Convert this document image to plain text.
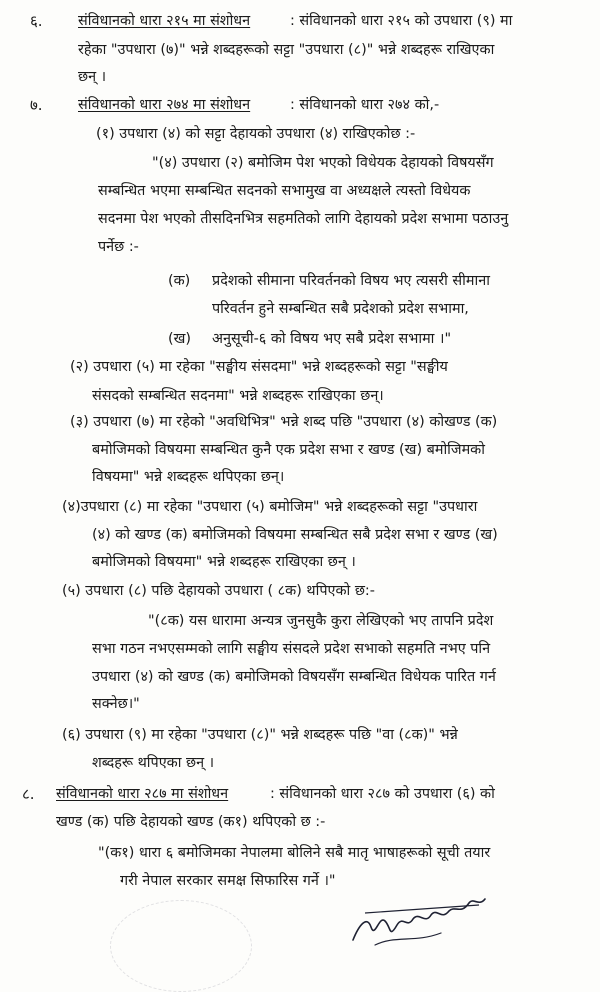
६. संविधानको धारा २१५ मा संशोधन	: संविधानको धारा २१५ को उपधारा (९) मा
रहेका "उपधारा (७)" भन्ने शब्दहरूको सट्टा "उपधारा (८)" भन्ने शब्दहरू राखिएका
छन् ।
७. संविधानको धारा २७४ मा संशोधन	: संविधानको धारा २७४ को,-
(१) उपधारा (४) को सट्टा देहायको उपधारा (४) राखिएकोछ :-
"(४) उपधारा (२) बमोजिम पेश भएको विधेयक देहायको विषयसँग
सम्बन्धित भएमा सम्बन्धित सदनको सभामुख वा अध्यक्षले त्यस्तो विधेयक
सदनमा पेश भएको तीसदिनभित्र सहमतिको लागि देहायको प्रदेश सभामा पठाउनु
पर्नेछ :-
(क) प्रदेशको सीमाना परिवर्तनको विषय भए त्यसरी सीमाना
परिवर्तन हुने सम्बन्धित सबै प्रदेशको प्रदेश सभामा,
(ख) अनुसूची-६ को विषय भए सबै प्रदेश सभामा ।"
(२) उपधारा (५) मा रहेका "सङ्घीय संसदमा" भन्ने शब्दहरूको सट्टा "सङ्घीय
संसदको सम्बन्धित सदनमा" भन्ने शब्दहरू राखिएका छन्।
(३) उपधारा (७) मा रहेको "अवधिभित्र" भन्ने शब्द पछि "उपधारा (४) कोखण्ड (क)
बमोजिमको विषयमा सम्बन्धित कुनै एक प्रदेश सभा र खण्ड (ख) बमोजिमको
विषयमा" भन्ने शब्दहरू थपिएका छन्।
(४)उपधारा (८) मा रहेका "उपधारा (५) बमोजिम" भन्ने शब्दहरूको सट्टा "उपधारा
(४) को खण्ड (क) बमोजिमको विषयमा सम्बन्धित सबै प्रदेश सभा र खण्ड (ख)
बमोजिमको विषयमा" भन्ने शब्दहरू राखिएका छन् ।
(५) उपधारा (८) पछि देहायको उपधारा ( ८क) थपिएको छ:-
"(८क) यस धारामा अन्यत्र जुनसुकै कुरा लेखिएको भए तापनि प्रदेश
सभा गठन नभएसम्मको लागि सङ्घीय संसदले प्रदेश सभाको सहमति नभए पनि
उपधारा (४) को खण्ड (क) बमोजिमको विषयसँग सम्बन्धित विधेयक पारित गर्न
सक्नेछ।"
(६) उपधारा (९) मा रहेका "उपधारा (८)" भन्ने शब्दहरू पछि "वा (८क)" भन्ने
शब्दहरू थपिएका छन् ।
८. संविधानको धारा २८७ मा संशोधन	: संविधानको धारा २८७ को उपधारा (६) को
खण्ड (क) पछि देहायको खण्ड (क१) थपिएको छ :-
"(क१) धारा ६ बमोजिमका नेपालमा बोलिने सबै मातृ भाषाहरूको सूची तयार
गरी नेपाल सरकार समक्ष सिफारिस गर्ने ।"
